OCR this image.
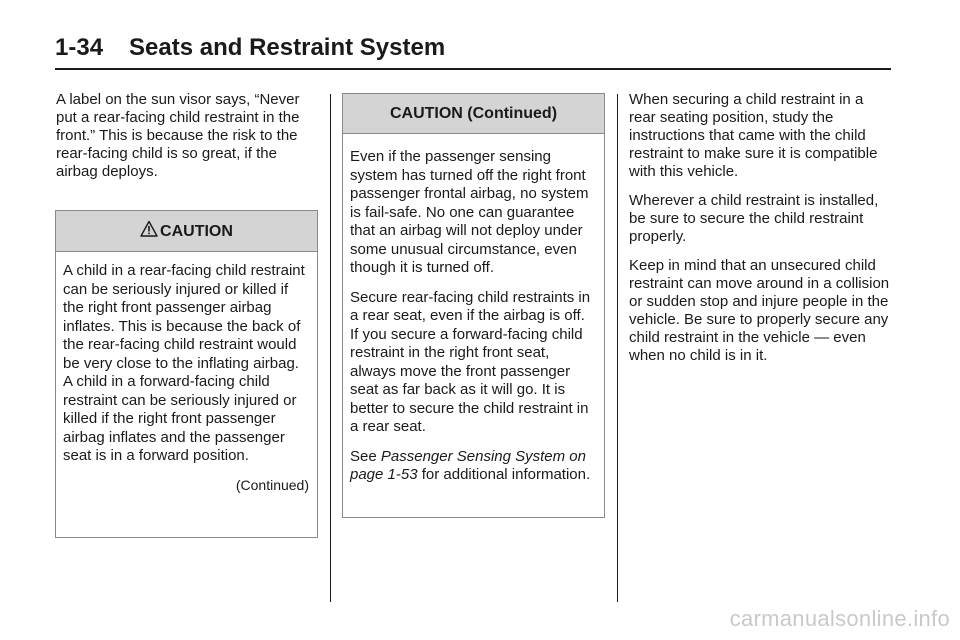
1-34 Seats and Restraint System

A label on the sun visor says, “Never put a rear-facing child restraint in the front.” This is because the risk to the rear-facing child is so great, if the airbag deploys.

CAUTION

A child in a rear-facing child restraint can be seriously injured or killed if the right front passenger airbag inflates. This is because the back of the rear-facing child restraint would be very close to the inflating airbag. A child in a forward-facing child restraint can be seriously injured or killed if the right front passenger airbag inflates and the passenger seat is in a forward position.

(Continued)
CAUTION (Continued)

Even if the passenger sensing system has turned off the right front passenger frontal airbag, no system is fail-safe. No one can guarantee that an airbag will not deploy under some unusual circumstance, even though it is turned off.

Secure rear-facing child restraints in a rear seat, even if the airbag is off. If you secure a forward-facing child restraint in the right front seat, always move the front passenger seat as far back as it will go. It is better to secure the child restraint in a rear seat.

See Passenger Sensing System on page 1-53 for additional information.

When securing a child restraint in a rear seating position, study the instructions that came with the child restraint to make sure it is compatible with this vehicle.

Wherever a child restraint is installed, be sure to secure the child restraint properly.

Keep in mind that an unsecured child restraint can move around in a collision or sudden stop and injure people in the vehicle. Be sure to properly secure any child restraint in the vehicle — even when no child is in it.

carmanualsonline.info
